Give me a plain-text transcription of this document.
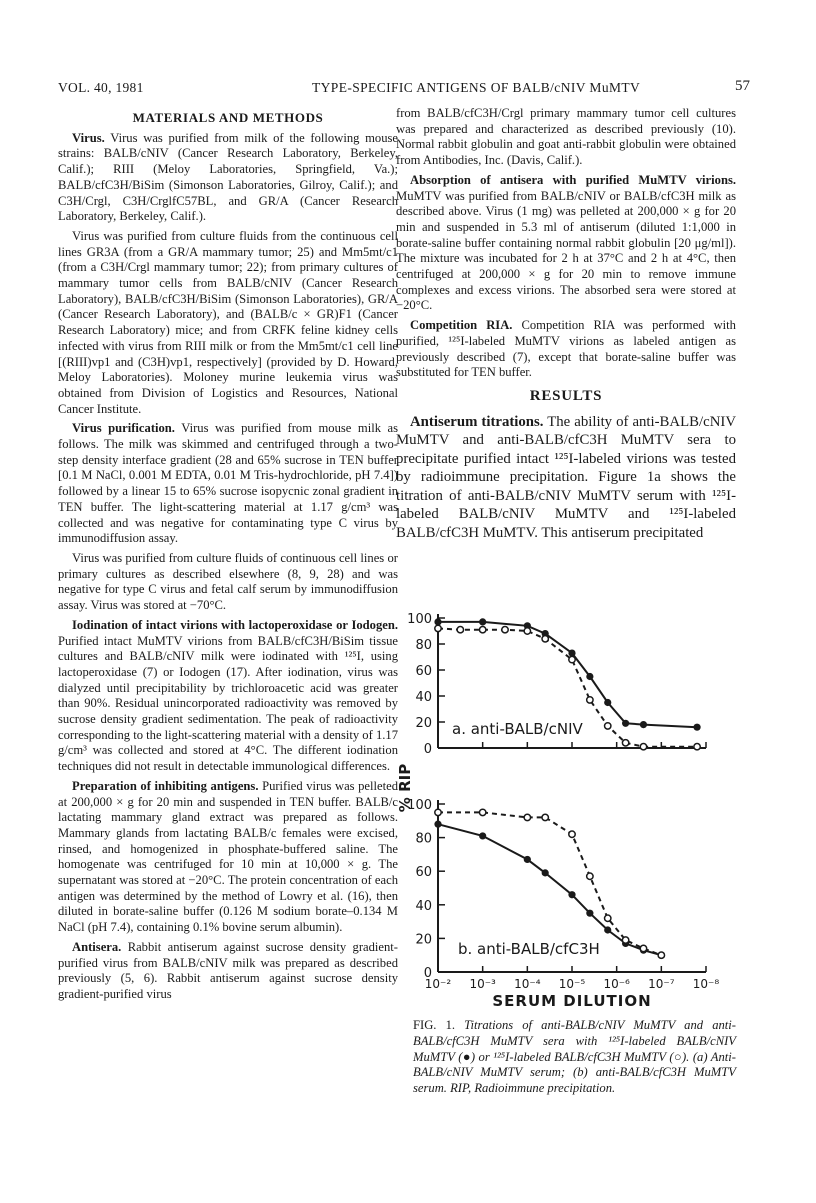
VOL. 40, 1981	TYPE-SPECIFIC ANTIGENS OF BALB/cNIV MuMTV	57
MATERIALS AND METHODS

Virus. Virus was purified from milk of the following mouse strains: BALB/cNIV (Cancer Research Laboratory, Berkeley, Calif.); RIII (Meloy Laboratories, Springfield, Va.); BALB/cfC3H/BiSim (Simonson Laboratories, Gilroy, Calif.); and C3H/Crgl, C3H/CrglfC57BL, and GR/A (Cancer Research Laboratory, Berkeley, Calif.).

Virus was purified from culture fluids from the continuous cell lines GR3A (from a GR/A mammary tumor; 25) and Mm5mt/c1 (from a C3H/Crgl mammary tumor; 22); from primary cultures of mammary tumor cells from BALB/cNIV (Cancer Research Laboratory), BALB/cfC3H/BiSim (Simonson Laboratories), GR/A (Cancer Research Laboratory), and (BALB/c × GR)F1 (Cancer Research Laboratory) mice; and from CRFK feline kidney cells infected with virus from RIII milk or from the Mm5mt/c1 cell line [(RIII)vp1 and (C3H)vp1, respectively] (provided by D. Howard, Meloy Laboratories). Moloney murine leukemia virus was obtained from Division of Logistics and Resources, National Cancer Institute.

Virus purification. Virus was purified from mouse milk as follows. The milk was skimmed and centrifuged through a two-step density interface gradient (28 and 65% sucrose in TEN buffer [0.1 M NaCl, 0.001 M EDTA, 0.01 M Tris-hydrochloride, pH 7.4]) followed by a linear 15 to 65% sucrose isopycnic zonal gradient in TEN buffer. The light-scattering material at 1.17 g/cm³ was collected and was negative for contaminating type C virus by immunodiffusion assay.

Virus was purified from culture fluids of continuous cell lines or primary cultures as described elsewhere (8, 9, 28) and was negative for type C virus and fetal calf serum by immunodiffusion assay. Virus was stored at −70°C.

Iodination of intact virions with lactoperoxidase or Iodogen. Purified intact MuMTV virions from BALB/cfC3H/BiSim tissue cultures and BALB/cNIV milk were iodinated with ¹²⁵I, using lactoperoxidase (7) or Iodogen (17). After iodination, virus was dialyzed until precipitability by trichloroacetic acid was greater than 90%. Residual unincorporated radioactivity was removed by sucrose density gradient sedimentation. The peak of radioactivity corresponding to the light-scattering material with a density of 1.17 g/cm³ was collected and stored at 4°C. The different iodination techniques did not result in detectable immunological differences.

Preparation of inhibiting antigens. Purified virus was pelleted at 200,000 × g for 20 min and suspended in TEN buffer. BALB/c lactating mammary gland extract was prepared as follows. Mammary glands from lactating BALB/c females were excised, rinsed, and homogenized in phosphate-buffered saline. The homogenate was centrifuged for 10 min at 10,000 × g. The supernatant was stored at −20°C. The protein concentration of each antigen was determined by the method of Lowry et al. (16), then diluted in borate-saline buffer (0.126 M sodium borate–0.134 M NaCl (pH 7.4), containing 0.1% bovine serum albumin).

Antisera. Rabbit antiserum against sucrose density gradient-purified virus from BALB/cNIV milk was prepared as described previously (5, 6). Rabbit antiserum against sucrose density gradient-purified virus

from BALB/cfC3H/Crgl primary mammary tumor cell cultures was prepared and characterized as described previously (10). Normal rabbit globulin and goat anti-rabbit globulin were obtained from Antibodies, Inc. (Davis, Calif.).

Absorption of antisera with purified MuMTV virions. MuMTV was purified from BALB/cNIV or BALB/cfC3H milk as described above. Virus (1 mg) was pelleted at 200,000 × g for 20 min and suspended in 5.3 ml of antiserum (diluted 1:1,000 in borate-saline buffer containing normal rabbit globulin [20 μg/ml]). The mixture was incubated for 2 h at 37°C and 2 h at 4°C, then centrifuged at 200,000 × g for 20 min to remove immune complexes and excess virions. The absorbed sera were stored at −20°C.

Competition RIA. Competition RIA was performed with purified, ¹²⁵I-labeled MuMTV virions as labeled antigen as previously described (7), except that borate-saline buffer was substituted for TEN buffer.

RESULTS

Antiserum titrations. The ability of anti-BALB/cNIV MuMTV and anti-BALB/cfC3H MuMTV sera to precipitate purified intact ¹²⁵I-labeled virions was tested by radioimmune precipitation. Figure 1a shows the titration of anti-BALB/cNIV MuMTV serum with ¹²⁵I-labeled BALB/cNIV MuMTV and ¹²⁵I-labeled BALB/cfC3H MuMTV. This antiserum precipitated

0
20
40
60
80
100
a. anti-BALB/cNIV
0
20
40
60
80
100
10⁻² 10⁻³ 10⁻⁴ 10⁻⁵ 10⁻⁶ 10⁻⁷ 10⁻⁸
b. anti-BALB/cfC3H
% RIP
SERUM DILUTION
FIG. 1. Titrations of anti-BALB/cNIV MuMTV and anti-BALB/cfC3H MuMTV sera with ¹²⁵I-labeled BALB/cNIV MuMTV (●) or ¹²⁵I-labeled BALB/cfC3H MuMTV (○). (a) Anti-BALB/cNIV MuMTV serum; (b) anti-BALB/cfC3H MuMTV serum. RIP, Radioimmune precipitation.
